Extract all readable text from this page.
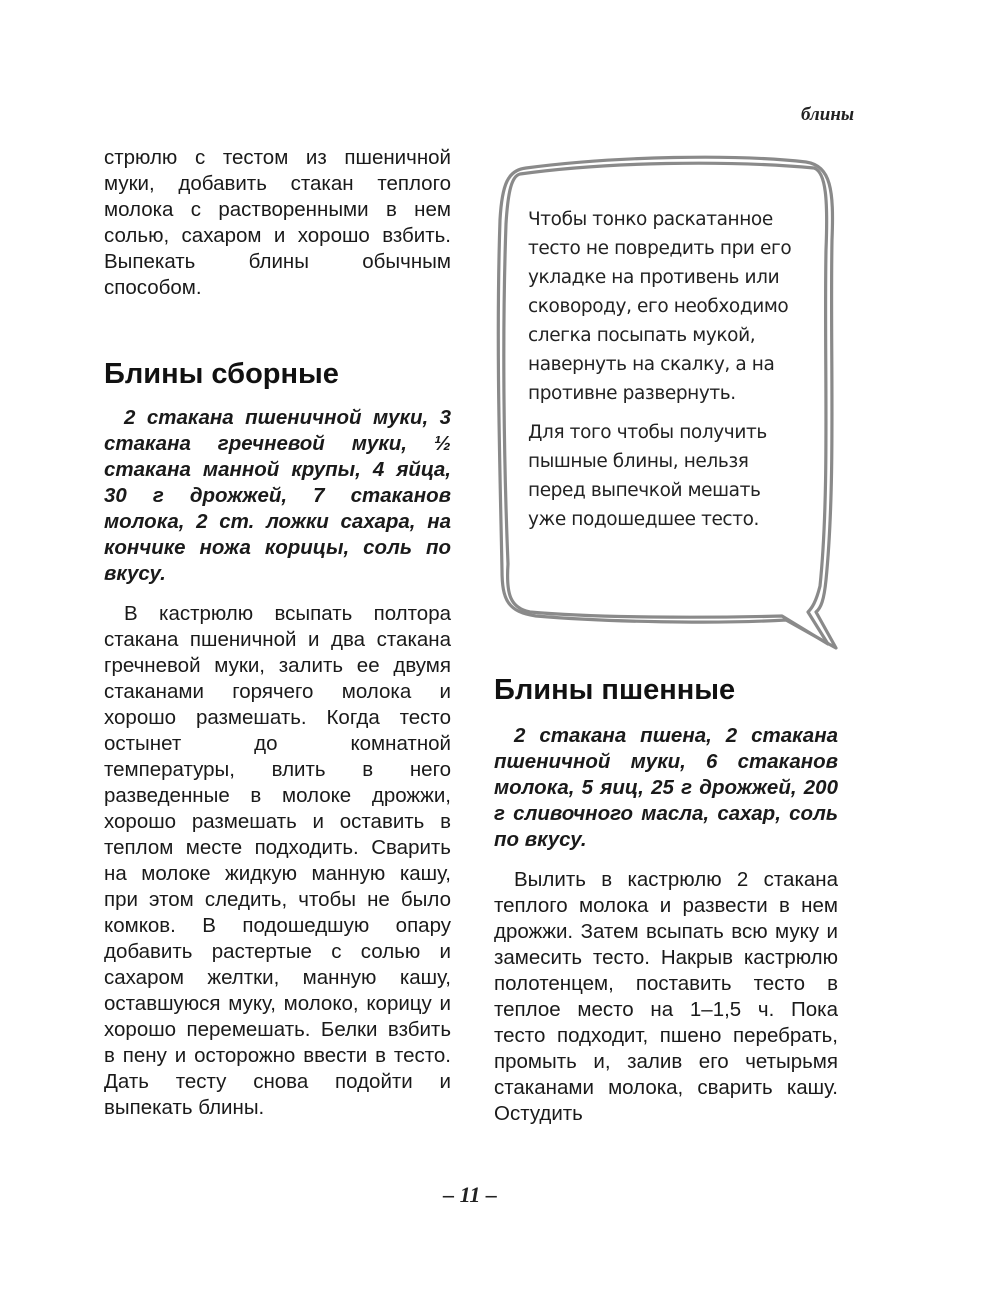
блины

стрюлю с тестом из пшеничной муки, добавить стакан теплого молока с растворенными в нем солью, сахаром и хорошо взбить. Выпекать блины обычным способом.

Блины сборные

2 стакана пшеничной муки, 3 стакана гречневой муки, ½ стакана манной крупы, 4 яйца, 30 г дрожжей, 7 стаканов молока, 2 ст. ложки сахара, на кончике ножа корицы, соль по вкусу.

В кастрюлю всыпать полтора стакана пшеничной и два стакана гречневой муки, залить ее двумя стаканами горячего молока и хорошо размешать. Когда тесто остынет до комнатной температуры, влить в него разведенные в молоке дрожжи, хорошо размешать и оставить в теплом месте подходить. Сварить на молоке жидкую манную кашу, при этом следить, чтобы не было комков. В подошедшую опару добавить растертые с солью и сахаром желтки, манную кашу, оставшуюся муку, молоко, корицу и хорошо перемешать. Белки взбить в пену и осторожно ввести в тесто. Дать тесту снова подойти и выпекать блины.

Чтобы тонко раскатанное тесто не повредить при его укладке на противень или сковороду, его необходимо слегка посыпать мукой, навернуть на скалку, а на противне развернуть.

Для того чтобы получить пышные блины, нельзя перед выпечкой мешать уже подошедшее тесто.

Блины пшенные

2 стакана пшена, 2 стакана пшеничной муки, 6 стаканов молока, 5 яиц, 25 г дрожжей, 200 г сливочного масла, сахар, соль по вкусу.

Вылить в кастрюлю 2 стакана теплого молока и развести в нем дрожжи. Затем всыпать всю муку и замесить тесто. Накрыв кастрюлю полотенцем, поставить тесто в теплое место на 1–1,5 ч. Пока тесто подходит, пшено перебрать, промыть и, залив его четырьмя стаканами молока, сварить кашу. Остудить

– 11 –
